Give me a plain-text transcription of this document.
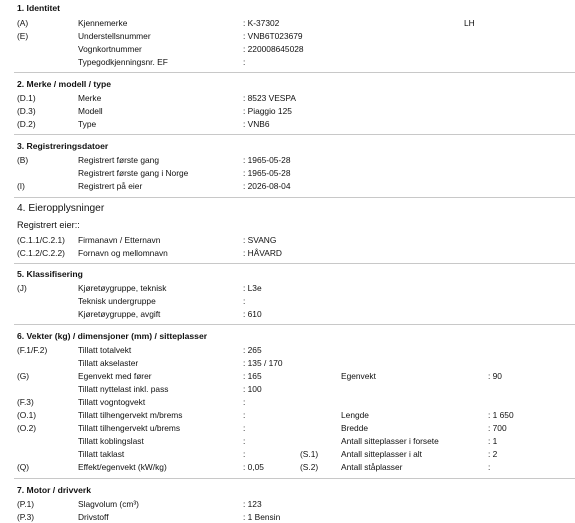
1. Identitet
(A)	Kjennemerke	: K-37302	LH
(E)	Understellsnummer	: VNB6T023679
Vognkortnummer	: 220008645028
Typegodkjenningsnr. EF	:
2. Merke / modell / type
(D.1)	Merke	: 8523 VESPA
(D.3)	Modell	: Piaggio 125
(D.2)	Type	: VNB6
3. Registreringsdatoer
(B)	Registrert første gang	: 1965-05-28
Registrert første gang i Norge	: 1965-05-28
(I)	Registrert på eier	: 2026-08-04
4. Eieropplysninger
Registrert eier::
(C.1.1/C.2.1) Firmanavn / Etternavn	: SVANG
(C.1.2/C.2.2) Fornavn og mellomnavn	: HÅVARD
5. Klassifisering
(J)	Kjøretøygruppe, teknisk	: L3e
Teknisk undergruppe	:
Kjøretøygruppe, avgift	: 610
6. Vekter (kg) / dimensjoner (mm) / sitteplasser
(F.1/F.2)	Tillatt totalvekt	: 265
Tillatt akselaster	: 135 / 170
(G)	Egenvekt med fører	: 165	Egenvekt	: 90
Tillatt nyttelast inkl. pass	: 100
(F.3)	Tillatt vogntogvekt	:
(O.1)	Tillatt tilhengervekt m/brems	:	Lengde	: 1 650
(O.2)	Tillatt tilhengervekt u/brems	:	Bredde	: 700
Tillatt koblingslast	:	Antall sitteplasser i forsete	: 1
Tillatt taklast	:	(S.1)	Antall sitteplasser i alt	: 2
(Q)	Effekt/egenvekt (kW/kg)	: 0,05	(S.2)	Antall ståplasser	:
7. Motor / drivverk
(P.1)	Slagvolum (cm³)	: 123
(P.3)	Drivstoff	: 1 Bensin
